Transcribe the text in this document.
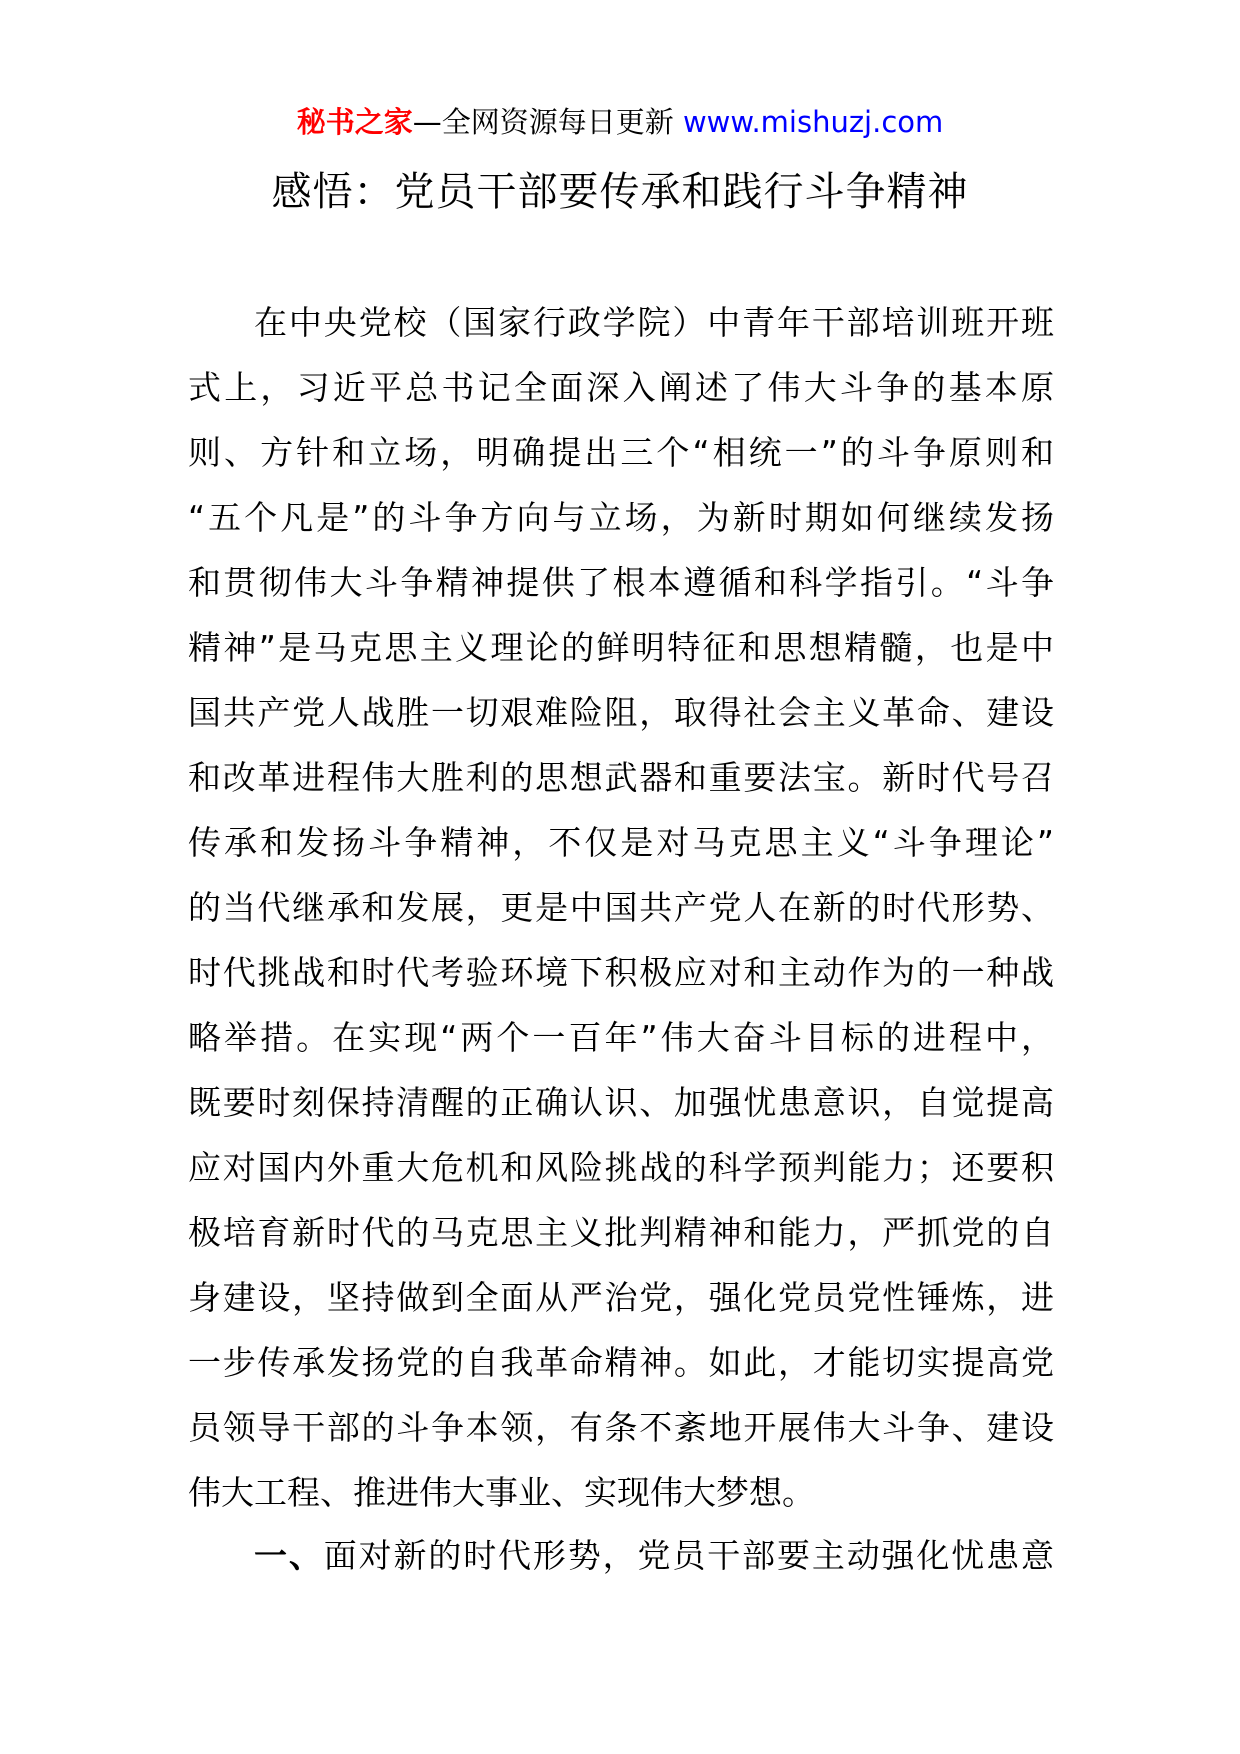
秘书之家—全网资源每日更新 www.mishuzj.com
感悟：党员干部要传承和践行斗争精神
在中央党校（国家行政学院）中青年干部培训班开班
式上，习近平总书记全面深入阐述了伟大斗争的基本原
则、方针和立场，明确提出三个“相统一”的斗争原则和
“五个凡是”的斗争方向与立场，为新时期如何继续发扬
和贯彻伟大斗争精神提供了根本遵循和科学指引。“斗争
精神”是马克思主义理论的鲜明特征和思想精髓，也是中
国共产党人战胜一切艰难险阻，取得社会主义革命、建设
和改革进程伟大胜利的思想武器和重要法宝。新时代号召
传承和发扬斗争精神，不仅是对马克思主义“斗争理论”
的当代继承和发展，更是中国共产党人在新的时代形势、
时代挑战和时代考验环境下积极应对和主动作为的一种战
略举措。在实现“两个一百年”伟大奋斗目标的进程中，
既要时刻保持清醒的正确认识、加强忧患意识，自觉提高
应对国内外重大危机和风险挑战的科学预判能力；还要积
极培育新时代的马克思主义批判精神和能力，严抓党的自
身建设，坚持做到全面从严治党，强化党员党性锤炼，进
一步传承发扬党的自我革命精神。如此，才能切实提高党
员领导干部的斗争本领，有条不紊地开展伟大斗争、建设
伟大工程、推进伟大事业、实现伟大梦想。
一、面对新的时代形势，党员干部要主动强化忧患意
